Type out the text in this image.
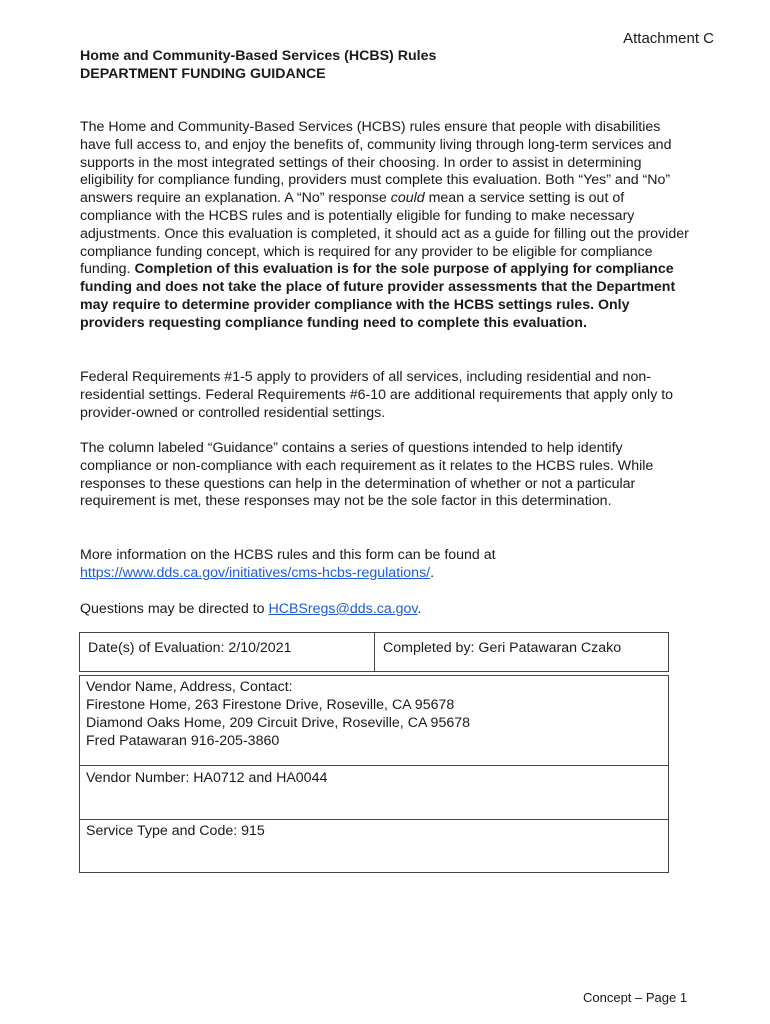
Attachment C
Home and Community-Based Services (HCBS) Rules
DEPARTMENT FUNDING GUIDANCE

The Home and Community-Based Services (HCBS) rules ensure that people with disabilities have full access to, and enjoy the benefits of, community living through long-term services and supports in the most integrated settings of their choosing. In order to assist in determining eligibility for compliance funding, providers must complete this evaluation. Both “Yes” and “No” answers require an explanation. A “No” response could mean a service setting is out of compliance with the HCBS rules and is potentially eligible for funding to make necessary adjustments. Once this evaluation is completed, it should act as a guide for filling out the provider compliance funding concept, which is required for any provider to be eligible for compliance funding. Completion of this evaluation is for the sole purpose of applying for compliance funding and does not take the place of future provider assessments that the Department may require to determine provider compliance with the HCBS settings rules. Only providers requesting compliance funding need to complete this evaluation.

Federal Requirements #1-5 apply to providers of all services, including residential and non-residential settings. Federal Requirements #6-10 are additional requirements that apply only to provider-owned or controlled residential settings.

The column labeled “Guidance” contains a series of questions intended to help identify compliance or non-compliance with each requirement as it relates to the HCBS rules. While responses to these questions can help in the determination of whether or not a particular requirement is met, these responses may not be the sole factor in this determination.

More information on the HCBS rules and this form can be found at
https://www.dds.ca.gov/initiatives/cms-hcbs-regulations/.

Questions may be directed to HCBSregs@dds.ca.gov.

Date(s) of Evaluation: 2/10/2021	Completed by: Geri Patawaran Czako
Vendor Name, Address, Contact:
Firestone Home, 263 Firestone Drive, Roseville, CA 95678
Diamond Oaks Home, 209 Circuit Drive, Roseville, CA 95678
Fred Patawaran 916-205-3860
Vendor Number: HA0712 and HA0044
Service Type and Code: 915
Concept – Page 1
